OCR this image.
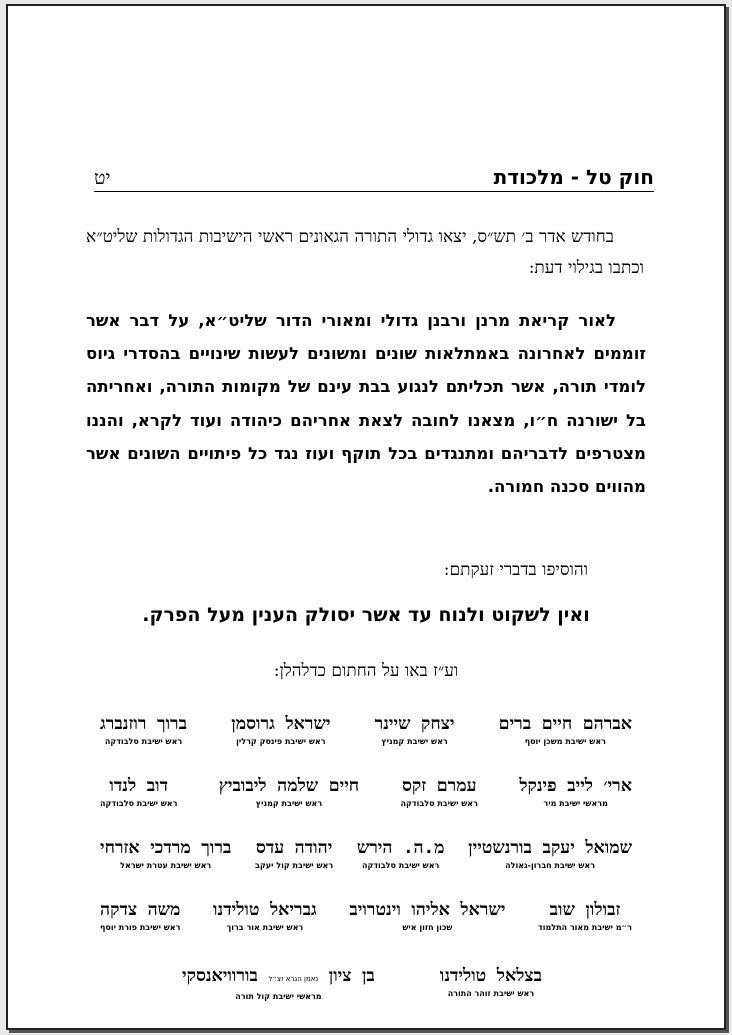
חוק טל - מלכודת
יט

בחודש אדר ב׳ תש״ס, יצאו גדולי התורה הגאונים ראשי הישיבות הגדולות שליט״א וכתבו בגילוי דעת:

לאור קריאת מרנן ורבנן גדולי ומאורי הדור שליט״א, על דבר אשר זוממים לאחרונה באמתלאות שונים ומשונים לעשות שינויים בהסדרי גיוס לומדי תורה, אשר תכליתם לנגוע בבת עינם של מקומות התורה, ואחריתה בל ישורנה ח״ו, מצאנו לחובה לצאת אחריהם כיהודה ועוד לקרא, והננו מצטרפים לדבריהם ומתנגדים בכל תוקף ועוז נגד כל פיתויים השונים אשר מהווים סכנה חמורה.

והוסיפו בדברי זעקתם:
ואין לשקוט ולנוח עד אשר יסולק הענין מעל הפרק.
וע״ז באו על החתום כדלהלן:
ברוך רוזנברג
ראש ישיבת סלבודקה
ישראל גרוסמן
ראש ישיבת פינסק קרלין
יצחק שיינר
ראש ישיבת קמניץ
אברהם חיים ברים
ראש ישיבת משכן יוסף
דוב לנדו
ראש ישיבת סלבודקה
חיים שלמה ליבוביץ
ראש ישיבת קמניץ
עמרם זקס
ראש ישיבת סלבודקה
ארי׳ לייב פינקל
מראשי ישיבת מיר
ברוך מרדכי אזרחי
ראש ישיבת עטרת ישראל
יהודה עדס
ראש ישיבת קול יעקב
מ.ה. הירש
ראש ישיבת סלבודקה
שמואל יעקב בורנשטיין
ראש ישיבת חברון-גאולה
משה צדקה
ראש ישיבת פורת יוסף
גבריאל טולידנו
ראש ישיבת אור ברוך
ישראל אליהו וינטרויב
שכון חזון איש
זבולון שוב
ר״מ ישיבת מאור התלמוד
בן ציון נאמן הגרא זצ״ל בורוויאנסקי
מראשי ישיבת קול תורה
בצלאל טולידנו
ראש ישיבת זוהר התורה
